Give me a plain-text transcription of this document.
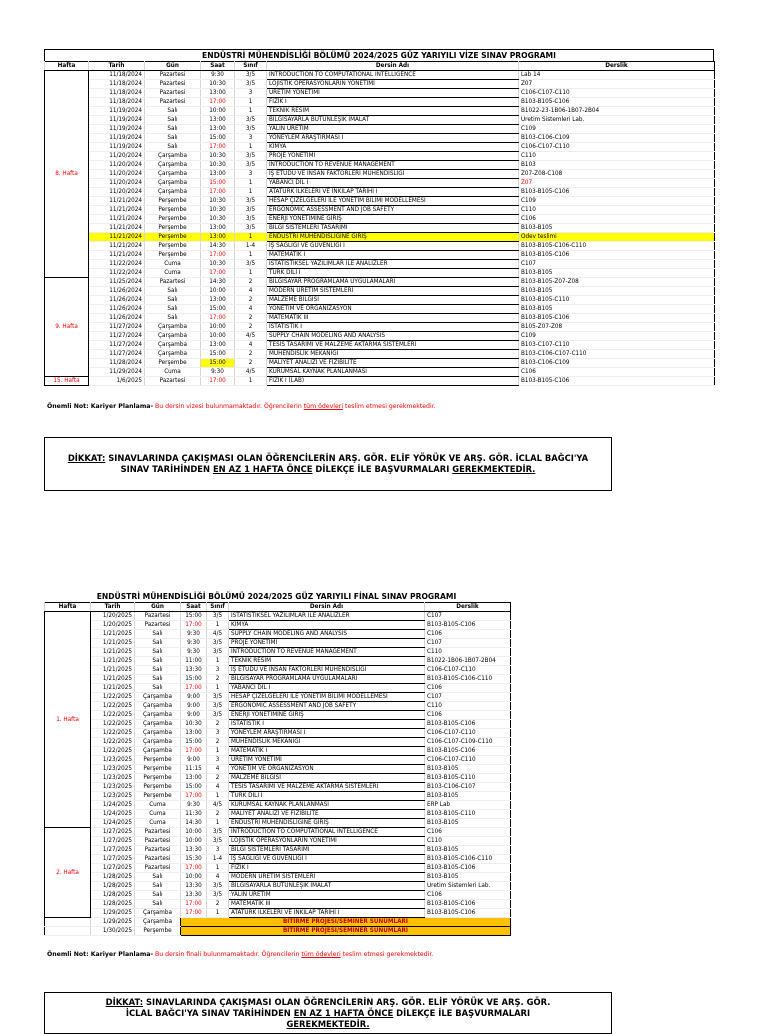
ENDÜSTRİ MÜHENDİSLİĞİ BÖLÜMÜ 2024/2025 GÜZ YARIYILI VİZE SINAV PROGRAMI
Hafta	Tarih	Gün	Saat	Sınıf	Dersin Adı	Derslik
8. Hafta	11/18/2024	Pazartesi	9:30	3/5	INTRODUCTION TO COMPUTATIONAL INTELLIGENCE	Lab 14
	11/18/2024	Pazartesi	10:30	3/5	LOJİSTİK OPERASYONLARIN YÖNETİMİ	Z07
	11/18/2024	Pazartesi	13:00	3	ÜRETİM YÖNETİMİ	C106-C107-C110
	11/18/2024	Pazartesi	17:00	1	FİZİK I	B103-B105-C106
	11/19/2024	Salı	10:00	1	TEKNİK RESİM	B1022-23-1B06-1B07-2B04
	11/19/2024	Salı	13:00	3/5	BİLGİSAYARLA BÜTÜNLEŞİK İMALAT	Üretim Sistemleri Lab.
	11/19/2024	Salı	13:00	3/5	YALIN ÜRETİM	C109
	11/19/2024	Salı	15:00	3	YÖNEYLEM ARAŞTIRMASI I	B103-C106-C109
	11/19/2024	Salı	17:00	1	KİMYA	C106-C107-C110
	11/20/2024	Çarşamba	10:30	3/5	PROJE YÖNETİMİ	C110
	11/20/2024	Çarşamba	10:30	3/5	INTRODUCTION TO REVENUE MANAGEMENT	B103
	11/20/2024	Çarşamba	13:00	3	İŞ ETÜDÜ VE İNSAN FAKTÖRLERİ MÜHENDİSLİĞİ	Z07-Z08-C108
	11/20/2024	Çarşamba	15:00	1	YABANCI DİL I	Z07
	11/20/2024	Çarşamba	17:00	1	ATATÜRK İLKELERİ VE İNKILAP TARİHİ I	B103-B105-C106
	11/21/2024	Perşembe	10:30	3/5	HESAP ÇİZELGELERİ İLE YÖNETİM BİLİMİ MODELLEMESİ	C109
	11/21/2024	Perşembe	10:30	3/5	ERGONOMIC ASSESSMENT AND JOB SAFETY	C110
	11/21/2024	Perşembe	10:30	3/5	ENERJİ YÖNETİMİNE GİRİŞ	C106
	11/21/2024	Perşembe	13:00	3/5	BİLGİ SİSTEMLERİ TASARIMI	B103-B105
	11/21/2024	Perşembe	13:00	1	ENDÜSTRI MÜHENDISLIĞINE GIRIŞ	Ödev teslimi
	11/21/2024	Perşembe	14:30	1-4	İŞ SAĞLIĞI VE GÜVENLİĞİ I	B103-B105-C106-C110
	11/21/2024	Perşembe	17:00	1	MATEMATİK I	B103-B105-C106
	11/22/2024	Cuma	10:30	3/5	İSTATİSTİKSEL YAZILIMLAR İLE ANALİZLER	C107
	11/22/2024	Cuma	17:00	1	TÜRK DİLİ I	B103-B105
9. Hafta	11/25/2024	Pazartesi	14:30	2	BİLGİSAYAR PROGRAMLAMA UYGULAMALARI	B103-B105-Z07-Z08
	11/26/2024	Salı	10:00	4	MODERN ÜRETİM SİSTEMLERİ	B103-B105
	11/26/2024	Salı	13:00	2	MALZEME BİLGİSİ	B103-B105-C110
	11/26/2024	Salı	15:00	4	YÖNETİM VE ORGANİZASYON	B103-B105
	11/26/2024	Salı	17:00	2	MATEMATİK III	B103-B105-C106
	11/27/2024	Çarşamba	10:00	2	İSTATİSTİK I	B105-Z07-Z08
	11/27/2024	Çarşamba	10:00	4/5	SUPPLY CHAIN MODELING AND ANALYSIS	C109
	11/27/2024	Çarşamba	13:00	4	TESİS TASARIMI VE MALZEME AKTARMA SİSTEMLERİ	B103-C107-C110
	11/27/2024	Çarşamba	15:00	2	MÜHENDİSLİK MEKANİĞİ	B103-C106-C107-C110
	11/28/2024	Perşembe	15:00	2	MALİYET ANALİZİ VE FİZİBİLİTE	B103-C106-C109
	11/29/2024	Cuma	9:30	4/5	KURUMSAL KAYNAK PLANLANMASI	C106
15. Hafta	1/6/2025	Pazartesi	17:00	1	FİZİK I (LAB)	B103-B105-C106
Önemli Not: Kariyer Planlama- Bu dersin vizesi bulunmamaktadır. Öğrencilerin tüm ödevleri teslim etmesi gerekmektedir.
DİKKAT: SINAVLARINDA ÇAKIŞMASI OLAN ÖĞRENCİLERİN ARŞ. GÖR. ELİF YÖRÜK VE ARŞ. GÖR. İCLAL BAĞCI'YA SINAV TARİHİNDEN EN AZ 1 HAFTA ÖNCE DİLEKÇE İLE BAŞVURMALARI GEREKMEKTEDİR.
ENDÜSTRİ MÜHENDİSLİĞİ BÖLÜMÜ 2024/2025 GÜZ YARIYILI FİNAL SINAV PROGRAMI
Hafta	Tarih	Gün	Saat	Sınıf	Dersin Adı	Derslik
1. Hafta	1/20/2025	Pazartesi	15:00	3/5	İSTATİSTİKSEL YAZILIMLAR İLE ANALİZLER	C107
	1/20/2025	Pazartesi	17:00	1	KİMYA	B103-B105-C106
	1/21/2025	Salı	9:30	4/5	SUPPLY CHAIN MODELING AND ANALYSIS	C106
	1/21/2025	Salı	9:30	3/5	PROJE YÖNETİMİ	C107
	1/21/2025	Salı	9:30	3/5	INTRODUCTION TO REVENUE MANAGEMENT	C110
	1/21/2025	Salı	11:00	1	TEKNİK RESİM	B1022-1B06-1B07-2B04
	1/21/2025	Salı	13:30	3	İŞ ETÜDÜ VE İNSAN FAKTÖRLERİ MÜHENDİSLİĞİ	C106-C107-C110
	1/21/2025	Salı	15:00	2	BİLGİSAYAR PROGRAMLAMA UYGULAMALARI	B103-B105-C106-C110
	1/21/2025	Salı	17:00	1	YABANCI DİL I	C106
	1/22/2025	Çarşamba	9:00	3/5	HESAP ÇİZELGELERİ İLE YÖNETİM BİLİMİ MODELLEMESİ	C107
	1/22/2025	Çarşamba	9:00	3/5	ERGONOMIC ASSESSMENT AND JOB SAFETY	C110
	1/22/2025	Çarşamba	9:00	3/5	ENERJİ YÖNETİMİNE GİRİŞ	C106
	1/22/2025	Çarşamba	10:30	2	İSTATİSTİK I	B103-B105-C106
	1/22/2025	Çarşamba	13:00	3	YÖNEYLEM ARAŞTIRMASI I	C106-C107-C110
	1/22/2025	Çarşamba	15:00	2	MÜHENDİSLİK MEKANİĞİ	C106-C107-C109-C110
	1/22/2025	Çarşamba	17:00	1	MATEMATİK I	B103-B105-C106
	1/23/2025	Perşembe	9:00	3	ÜRETİM YÖNETİMİ	C106-C107-C110
	1/23/2025	Perşembe	11:15	4	YÖNETİM VE ORGANİZASYON	B103-B105
	1/23/2025	Perşembe	13:00	2	MALZEME BİLGİSİ	B103-B105-C110
	1/23/2025	Perşembe	15:00	4	TESİS TASARIMI VE MALZEME AKTARMA SİSTEMLERİ	B103-C106-C107
	1/23/2025	Perşembe	17:00	1	TÜRK DİLİ I	B103-B105
	1/24/2025	Cuma	9:30	4/5	KURUMSAL KAYNAK PLANLANMASI	ERP Lab
	1/24/2025	Cuma	11:30	2	MALİYET ANALİZİ VE FİZİBİLİTE	B103-B105-C110
	1/24/2025	Cuma	14:30	1	ENDÜSTRİ MÜHENDİSLİĞİNE GİRİŞ	B103-B105
2. Hafta	1/27/2025	Pazartesi	10:00	3/5	INTRODUCTION TO COMPUTATIONAL INTELLIGENCE	C106
	1/27/2025	Pazartesi	10:00	3/5	LOJİSTİK OPERASYONLARIN YÖNETİMİ	C110
	1/27/2025	Pazartesi	13:30	3	BİLGİ SİSTEMLERİ TASARIMI	B103-B105
	1/27/2025	Pazartesi	15:30	1-4	İŞ SAĞLIĞI VE GÜVENLİĞİ I	B103-B105-C106-C110
	1/27/2025	Pazartesi	17:00	1	FİZİK I	B103-B105-C106
	1/28/2025	Salı	10:00	4	MODERN ÜRETİM SİSTEMLERİ	B103-B105
	1/28/2025	Salı	13:30	3/5	BİLGİSAYARLA BÜTÜNLEŞİK İMALAT	Üretim Sistemleri Lab.
	1/28/2025	Salı	13:30	3/5	YALIN ÜRETİM	C106
	1/28/2025	Salı	17:00	2	MATEMATİK III	B103-B105-C106
	1/29/2025	Çarşamba	17:00	1	ATATÜRK İLKELERİ VE İNKILAP TARİHİ I	B103-B105-C106
	1/29/2025	Çarşamba	BİTİRME PROJESİ/SEMİNER SUNUMLARI			
	1/30/2025	Perşembe	BİTİRME PROJESİ/SEMİNER SUNUMLARI			
Önemli Not: Kariyer Planlama- Bu dersin finali bulunmamaktadır. Öğrencilerin tüm ödevleri teslim etmesi gerekmektedir.
DİKKAT: SINAVLARINDA ÇAKIŞMASI OLAN ÖĞRENCİLERİN ARŞ. GÖR. ELİF YÖRÜK VE ARŞ. GÖR. İCLAL BAĞCI'YA SINAV TARİHİNDEN EN AZ 1 HAFTA ÖNCE DİLEKÇE İLE BAŞVURMALARI GEREKMEKTEDİR.
